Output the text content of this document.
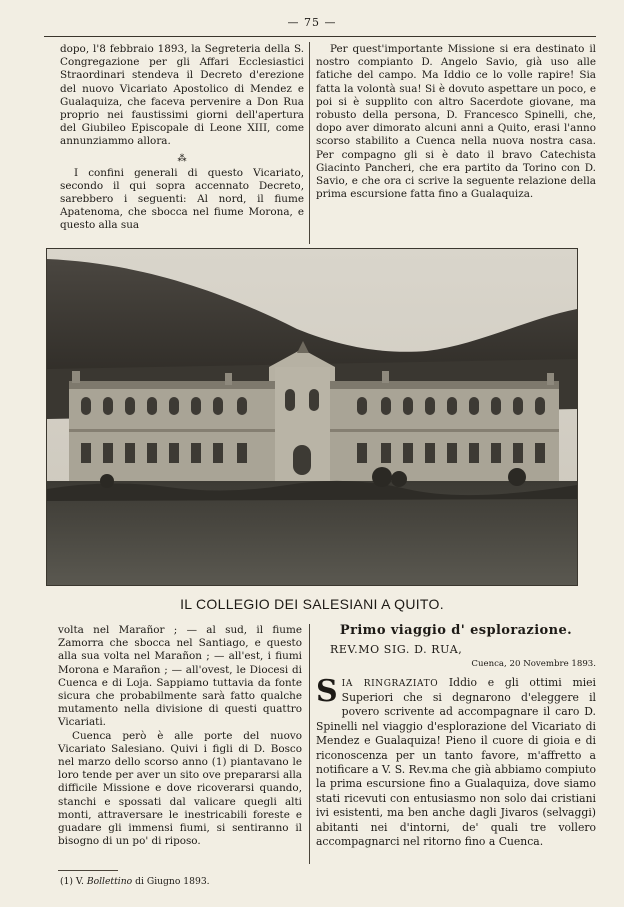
— 75 —

dopo, l'8 febbraio 1893, la Segreteria della S. Congregazione per gli Affari Ecclesiastici Straordinari stendeva il Decreto d'erezione del nuovo Vicariato Apostolico di Mendez e Gualaquiza, che faceva pervenire a Don Rua proprio nei faustissimi giorni dell'apertura del Giubileo Episcopale di Leone XIII, come annunziammo allora.

⁂

I confini generali di questo Vicariato, secondo il qui sopra accennato Decreto, sarebbero i seguenti: Al nord, il fiume Apatenoma, che sbocca nel fiume Morona, e questo alla sua

Per quest'importante Missione si era destinato il nostro compianto D. Angelo Savio, già uso alle fatiche del campo. Ma Iddio ce lo volle rapire! Sia fatta la volontà sua! Si è dovuto aspettare un poco, e poi si è supplito con altro Sacerdote giovane, ma robusto della persona, D. Francesco Spinelli, che, dopo aver dimorato alcuni anni a Quito, erasi l'anno scorso stabilito a Cuenca nella nuova nostra casa. Per compagno gli si è dato il bravo Catechista Giacinto Pancheri, che era partito da Torino con D. Savio, e che ora ci scrive la seguente relazione della prima escursione fatta fino a Gualaquiza.

IL COLLEGIO DEI SALESIANI A QUITO.

volta nel Marañor ; — al sud, il fiume Zamorra che sbocca nel Santiago, e questo alla sua volta nel Marañon ; — all'est, i fiumi Morona e Marañon ; — all'ovest, le Diocesi di Cuenca e di Loja. Sappiamo tuttavia da fonte sicura che probabilmente sarà fatto qualche mutamento nella divisione di questi quattro Vicariati.

Cuenca però è alle porte del nuovo Vicariato Salesiano. Quivi i figli di D. Bosco nel marzo dello scorso anno (1) piantavano le loro tende per aver un sito ove prepararsi alla difficile Missione e dove ricoverarsi quando, stanchi e spossati dal valicare quegli alti monti, attraversare le inestricabili foreste e guadare gli immensi fiumi, si sentiranno il bisogno di un po' di riposo.

Primo viaggio d' esplorazione.
REV.MO SIG. D. RUA,
Cuenca, 20 Novembre 1893.
SIA RINGRAZIATO Iddio e gli ottimi miei Superiori che si degnarono d'eleggere il povero scrivente ad accompagnare il caro D. Spinelli nel viaggio d'esplorazione del Vicariato di Mendez e Gualaquiza! Pieno il cuore di gioia e di riconoscenza per un tanto favore, m'affretto a notificare a V. S. Rev.ma che già abbiamo compiuto la prima escursione fino a Gualaquiza, dove siamo stati ricevuti con entusiasmo non solo dai cristiani ivi esistenti, ma ben anche dagli Jivaros (selvaggi) abitanti nei d'intorni, de' quali tre vollero accompagnarci nel ritorno fino a Cuenca.
(1) V. Bollettino di Giugno 1893.
